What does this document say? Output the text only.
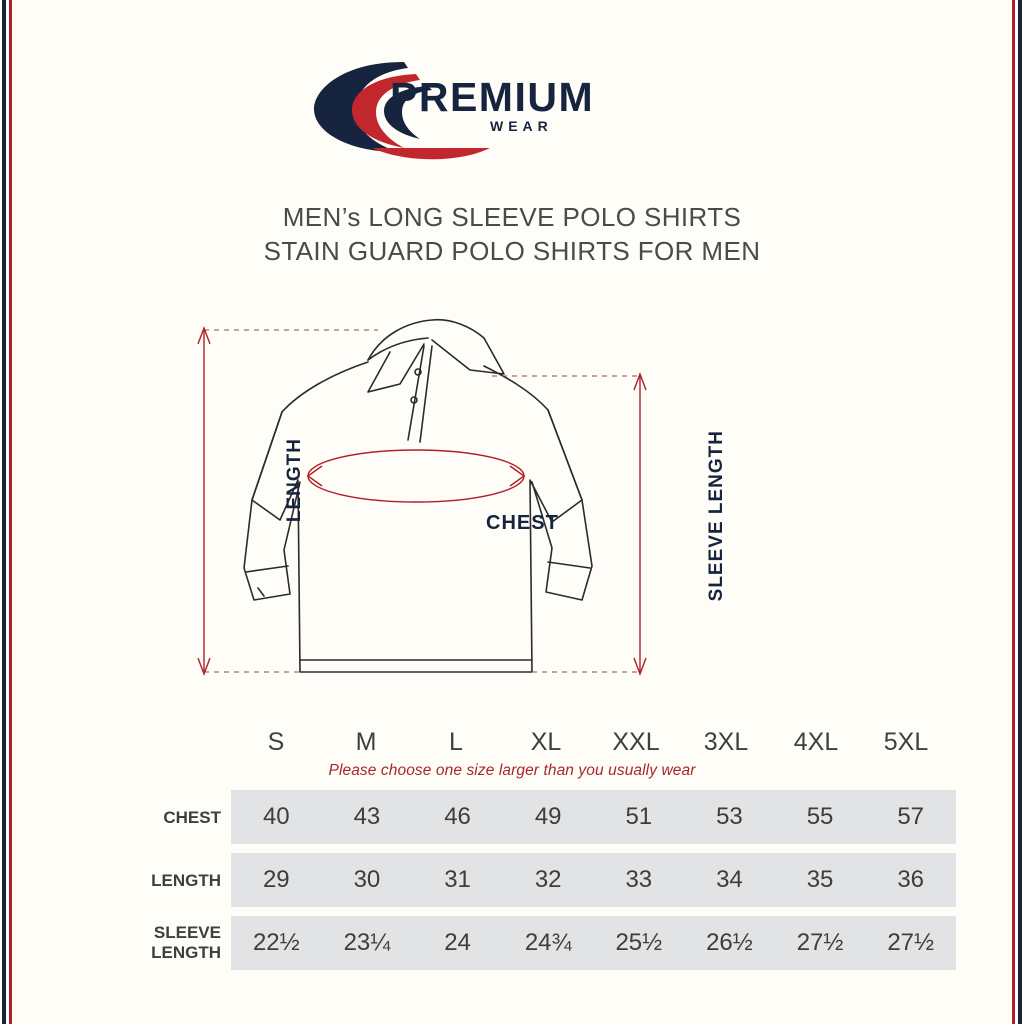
PREMIUM
WEAR
MEN’s LONG SLEEVE POLO SHIRTS
STAIN GUARD POLO SHIRTS FOR MEN
LENGTH	SLEEVE LENGTH
CHEST
S	M	L	XL	XXL	3XL	4XL	5XL
Please choose one size larger than you usually wear
CHEST	40	43	46	49	51	53	55	57
LENGTH	29	30	31	32	33	34	35	36
SLEEVE
LENGTH	22½	23¼	24	24¾	25½	26½	27½	27½
